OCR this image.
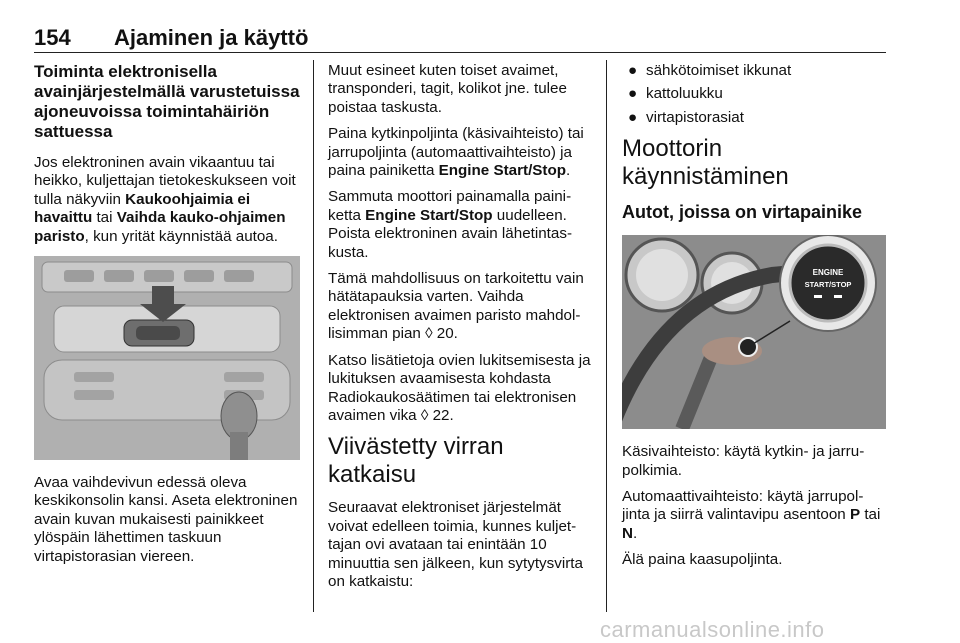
154 Ajaminen ja käyttö
Toiminta elektronisella avainjärjestelmällä varustetuissa ajoneuvoissa toimintahäiriön sattuessa

Jos elektroninen avain vikaantuu tai heikko, kuljettajan tietokeskukseen voit tulla näkyviin Kaukoohjaimia ei havaittu tai Vaihda kauko-ohjaimen paristo, kun yrität käynnistää autoa.

Avaa vaihdevivun edessä oleva keskikonsolin kansi. Aseta elektroninen avain kuvan mukaisesti painikkeet ylöspäin lähettimen taskuun virtapistorasian viereen.

Muut esineet kuten toiset avaimet, transponderi, tagit, kolikot jne. tulee poistaa taskusta.

Paina kytkinpoljinta (käsivaihteisto) tai jarrupoljinta (automaattivaihteisto) ja paina painiketta Engine Start/Stop.

Sammuta moottori painamalla painiketta Engine Start/Stop uudelleen. Poista elektroninen avain lähetintaskusta.

Tämä mahdollisuus on tarkoitettu vain hätätapauksia varten. Vaihda elektronisen avaimen paristo mahdollisimman pian ◊ 20.

Katso lisätietoja ovien lukitsemisesta ja lukituksen avaamisesta kohdasta Radiokaukosäätimen tai elektronisen avaimen vika ◊ 22.

Viivästetty virran katkaisu

Seuraavat elektroniset järjestelmät voivat edelleen toimia, kunnes kuljettajan ovi avataan tai enintään 10 minuuttia sen jälkeen, kun sytytysvirta on katkaistu:

● sähkötoimiset ikkunat
● kattoluukku
● virtapistorasiat
Moottorin käynnistäminen
Autot, joissa on virtapainike
ENGINE
START/STOP

Käsivaihteisto: käytä kytkin- ja jarrupolkimia.

Automaattivaihteisto: käytä jarrupoljinta ja siirrä valintavipu asentoon P tai N.

Älä paina kaasupoljinta.

carmanualsonline.info
